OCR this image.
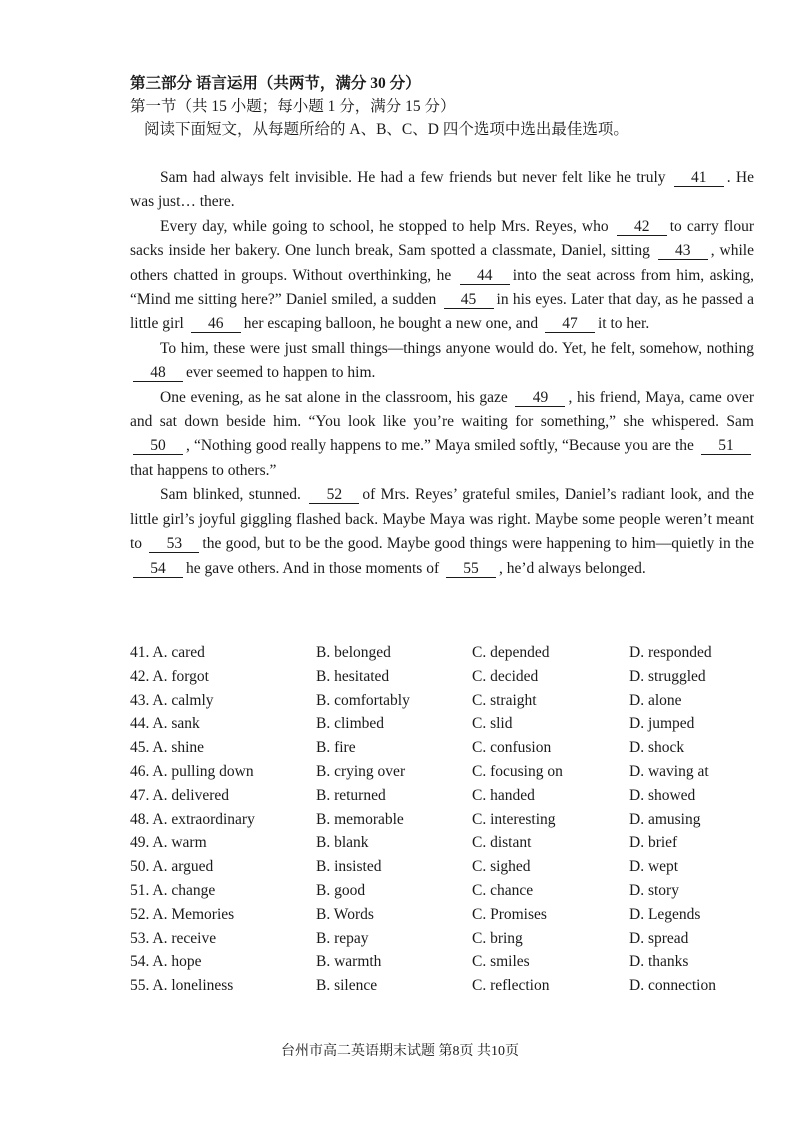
第三部分 语言运用（共两节，满分 30 分）
第一节（共 15 小题；每小题 1 分，满分 15 分）
阅读下面短文，从每题所给的 A、B、C、D 四个选项中选出最佳选项。

Sam had always felt invisible. He had a few friends but never felt like he truly 41 . He was just… there.

Every day, while going to school, he stopped to help Mrs. Reyes, who 42 to carry flour sacks inside her bakery. One lunch break, Sam spotted a classmate, Daniel, sitting 43 , while others chatted in groups. Without overthinking, he 44 into the seat across from him, asking, “Mind me sitting here?” Daniel smiled, a sudden 45 in his eyes. Later that day, as he passed a little girl 46 her escaping balloon, he bought a new one, and 47 it to her.

To him, these were just small things—things anyone would do. Yet, he felt, somehow, nothing 48 ever seemed to happen to him.

One evening, as he sat alone in the classroom, his gaze 49 , his friend, Maya, came over and sat down beside him. “You look like you’re waiting for something,” she whispered. Sam 50 , “Nothing good really happens to me.” Maya smiled softly, “Because you are the 51that happens to others.”

Sam blinked, stunned. 52 of Mrs. Reyes’ grateful smiles, Daniel’s radiant look, and the little girl’s joyful giggling flashed back. Maybe Maya was right. Maybe some people weren’t meant to 53 the good, but to be the good. Maybe good things were happening to him—quietly in the 54 he gave others. And in those moments of 55 , he’d always belonged.

41. A. cared	B. belonged	C. depended	D. responded
42. A. forgot	B. hesitated	C. decided	D. struggled
43. A. calmly	B. comfortably	C. straight	D. alone
44. A. sank	B. climbed	C. slid	D. jumped
45. A. shine	B. fire	C. confusion	D. shock
46. A. pulling down	B. crying over	C. focusing on	D. waving at
47. A. delivered	B. returned	C. handed	D. showed
48. A. extraordinary	B. memorable	C. interesting	D. amusing
49. A. warm	B. blank	C. distant	D. brief
50. A. argued	B. insisted	C. sighed	D. wept
51. A. change	B. good	C. chance	D. story
52. A. Memories	B. Words	C. Promises	D. Legends
53. A. receive	B. repay	C. bring	D. spread
54. A. hope	B. warmth	C. smiles	D. thanks
55. A. loneliness	B. silence	C. reflection	D. connection
台州市高二英语期末试题 第8页 共10页
